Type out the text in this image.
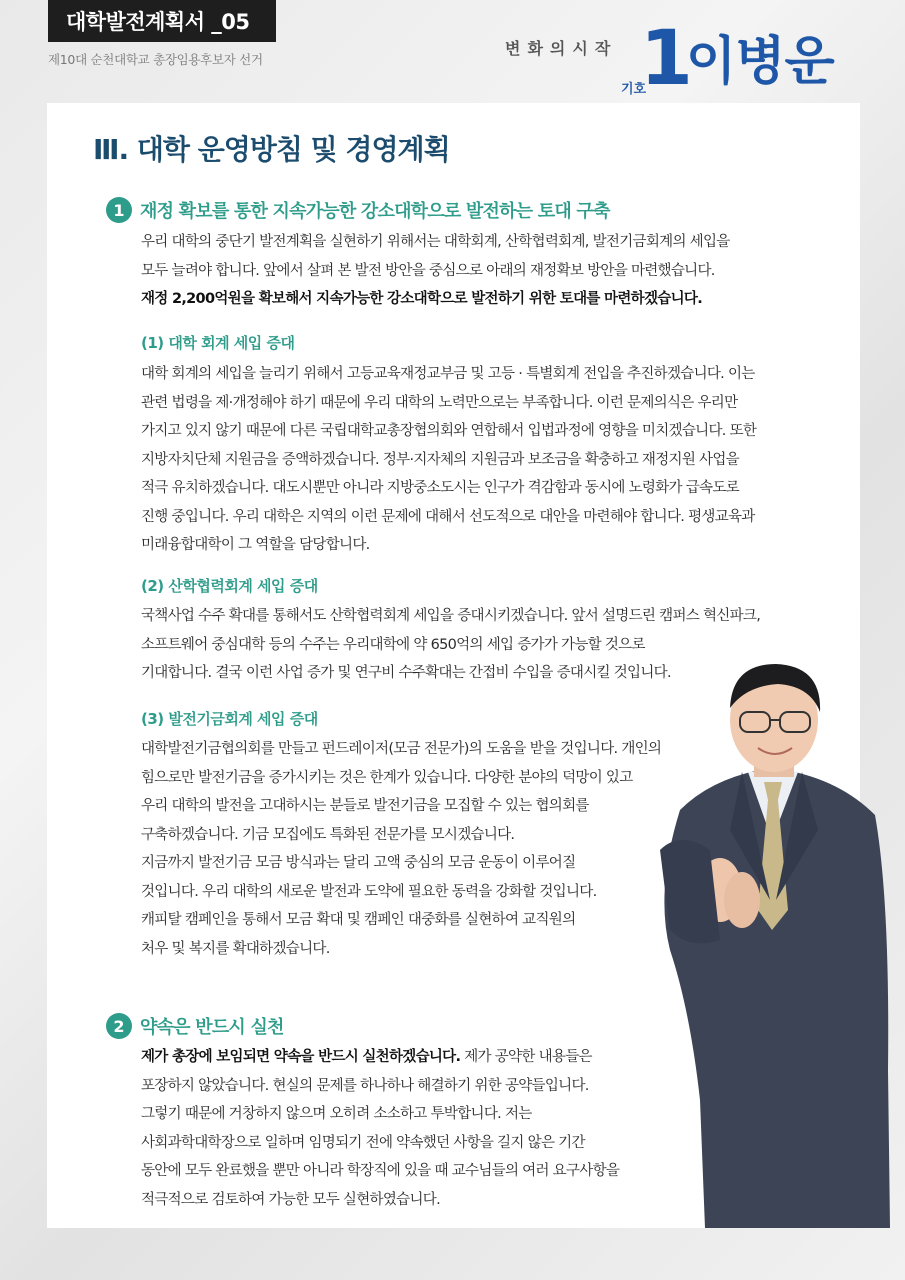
대학발전계획서 _05
제10대 순천대학교 총장임용후보자 선거
변화의시작
기호
1
이병운
Ⅲ. 대학 운영방침 및 경영계획
1 재정 확보를 통한 지속가능한 강소대학으로 발전하는 토대 구축
우리 대학의 중단기 발전계획을 실현하기 위해서는 대학회계, 산학협력회계, 발전기금회계의 세입을
모두 늘려야 합니다. 앞에서 살펴 본 발전 방안을 중심으로 아래의 재정확보 방안을 마련했습니다.
재정 2,200억원을 확보해서 지속가능한 강소대학으로 발전하기 위한 토대를 마련하겠습니다.
(1) 대학 회계 세입 증대
대학 회계의 세입을 늘리기 위해서 고등교육재정교부금 및 고등 · 특별회계 전입을 추진하겠습니다. 이는
관련 법령을 제·개정해야 하기 때문에 우리 대학의 노력만으로는 부족합니다. 이런 문제의식은 우리만
가지고 있지 않기 때문에 다른 국립대학교총장협의회와 연합해서 입법과정에 영향을 미치겠습니다. 또한
지방자치단체 지원금을 증액하겠습니다. 정부·지자체의 지원금과 보조금을 확충하고 재정지원 사업을
적극 유치하겠습니다. 대도시뿐만 아니라 지방중소도시는 인구가 격감함과 동시에 노령화가 급속도로
진행 중입니다. 우리 대학은 지역의 이런 문제에 대해서 선도적으로 대안을 마련해야 합니다. 평생교육과
미래융합대학이 그 역할을 담당합니다.
(2) 산학협력회계 세입 증대
국책사업 수주 확대를 통해서도 산학협력회계 세입을 증대시키겠습니다. 앞서 설명드린 캠퍼스 혁신파크,
소프트웨어 중심대학 등의 수주는 우리대학에 약 650억의 세입 증가가 가능할 것으로
기대합니다. 결국 이런 사업 증가 및 연구비 수주확대는 간접비 수입을 증대시킬 것입니다.
(3) 발전기금회계 세입 증대
대학발전기금협의회를 만들고 펀드레이저(모금 전문가)의 도움을 받을 것입니다. 개인의
힘으로만 발전기금을 증가시키는 것은 한계가 있습니다. 다양한 분야의 덕망이 있고
우리 대학의 발전을 고대하시는 분들로 발전기금을 모집할 수 있는 협의회를
구축하겠습니다. 기금 모집에도 특화된 전문가를 모시겠습니다.
지금까지 발전기금 모금 방식과는 달리 고액 중심의 모금 운동이 이루어질
것입니다. 우리 대학의 새로운 발전과 도약에 필요한 동력을 강화할 것입니다.
캐피탈 캠페인을 통해서 모금 확대 및 캠페인 대중화를 실현하여 교직원의
처우 및 복지를 확대하겠습니다.
2 약속은 반드시 실천
제가 총장에 보임되면 약속을 반드시 실천하겠습니다. 제가 공약한 내용들은
포장하지 않았습니다. 현실의 문제를 하나하나 해결하기 위한 공약들입니다.
그렇기 때문에 거창하지 않으며 오히려 소소하고 투박합니다. 저는
사회과학대학장으로 일하며 임명되기 전에 약속했던 사항을 길지 않은 기간
동안에 모두 완료했을 뿐만 아니라 학장직에 있을 때 교수님들의 여러 요구사항을
적극적으로 검토하여 가능한 모두 실현하였습니다.
